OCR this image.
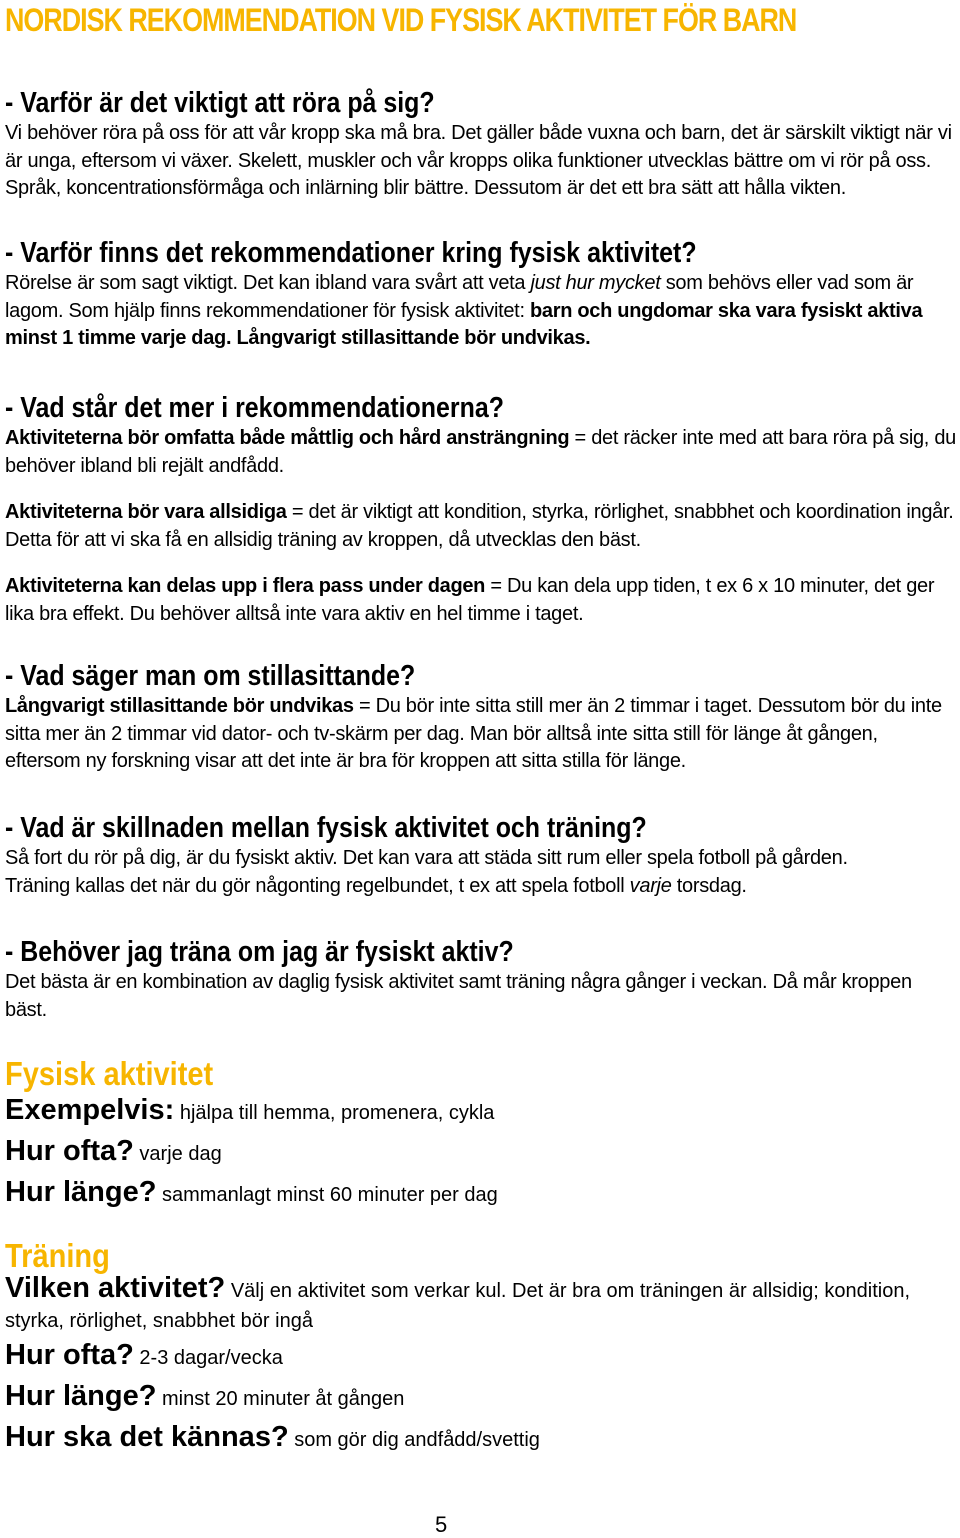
NORDISK REKOMMENDATION VID FYSISK AKTIVITET FÖR BARN

- Varför är det viktigt att röra på sig?

Vi behöver röra på oss för att vår kropp ska må bra. Det gäller både vuxna och barn, det är särskilt viktigt när vi är unga, eftersom vi växer. Skelett, muskler och vår kropps olika funktioner utvecklas bättre om vi rör på oss. Språk, koncentrationsförmåga och inlärning blir bättre. Dessutom är det ett bra sätt att hålla vikten.

- Varför finns det rekommendationer kring fysisk aktivitet?

Rörelse är som sagt viktigt. Det kan ibland vara svårt att veta just hur mycket som behövs eller vad som är lagom. Som hjälp finns rekommendationer för fysisk aktivitet: barn och ungdomar ska vara fysiskt aktiva minst 1 timme varje dag. Långvarigt stillasittande bör undvikas.

- Vad står det mer i rekommendationerna?

Aktiviteterna bör omfatta både måttlig och hård ansträngning = det räcker inte med att bara röra på sig, du behöver ibland bli rejält andfådd.

Aktiviteterna bör vara allsidiga = det är viktigt att kondition, styrka, rörlighet, snabbhet och koordination ingår. Detta för att vi ska få en allsidig träning av kroppen, då utvecklas den bäst.

Aktiviteterna kan delas upp i flera pass under dagen = Du kan dela upp tiden, t ex 6 x 10 minuter, det ger lika bra effekt. Du behöver alltså inte vara aktiv en hel timme i taget.

- Vad säger man om stillasittande?

Långvarigt stillasittande bör undvikas = Du bör inte sitta still mer än 2 timmar i taget. Dessutom bör du inte sitta mer än 2 timmar vid dator- och tv-skärm per dag. Man bör alltså inte sitta still för länge åt gången, eftersom ny forskning visar att det inte är bra för kroppen att sitta stilla för länge.

- Vad är skillnaden mellan fysisk aktivitet och träning?

Så fort du rör på dig, är du fysiskt aktiv. Det kan vara att städa sitt rum eller spela fotboll på gården.

Träning kallas det när du gör någonting regelbundet, t ex att spela fotboll varje torsdag.

- Behöver jag träna om jag är fysiskt aktiv?

Det bästa är en kombination av daglig fysisk aktivitet samt träning några gånger i veckan. Då mår kroppen bäst.

Fysisk aktivitet

Exempelvis: hjälpa till hemma, promenera, cykla

Hur ofta? varje dag

Hur länge? sammanlagt minst 60 minuter per dag

Träning

Vilken aktivitet? Välj en aktivitet som verkar kul. Det är bra om träningen är allsidig; kondition, styrka, rörlighet, snabbhet bör ingå

Hur ofta? 2-3 dagar/vecka

Hur länge? minst 20 minuter åt gången

Hur ska det kännas? som gör dig andfådd/svettig

5
